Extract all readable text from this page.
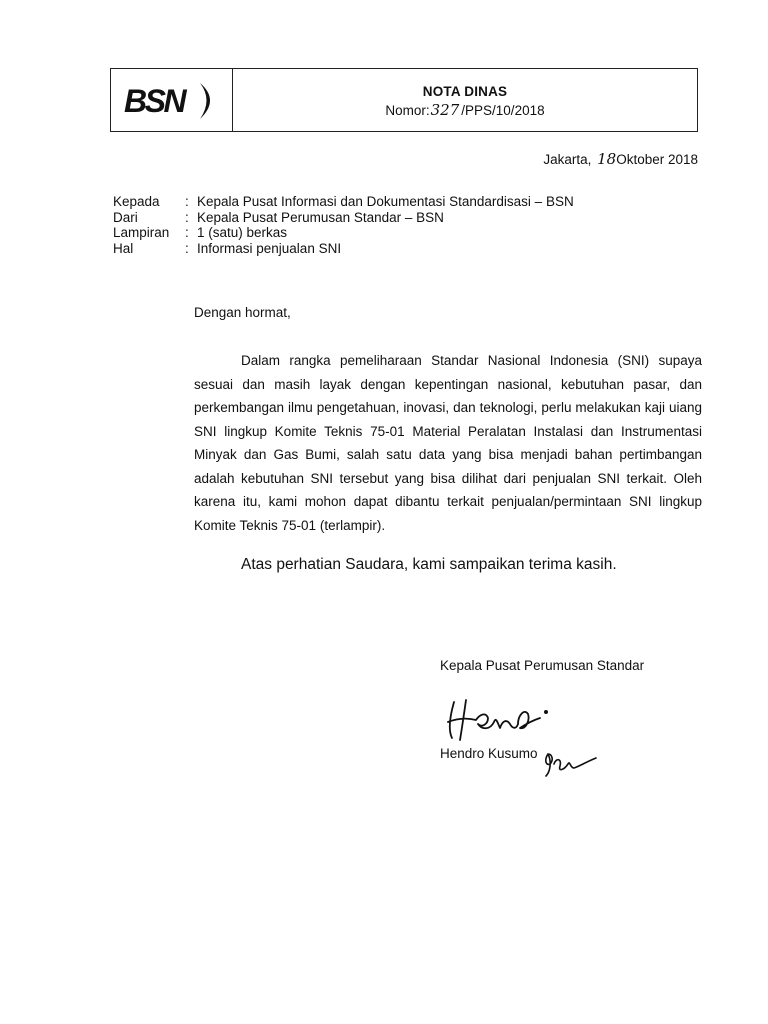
BSN	NOTA DINAS
Nomor: 327 /PPS/10/2018
Jakarta, 18 Oktober 2018
Kepada	: Kepala Pusat Informasi dan Dokumentasi Standardisasi – BSN
Dari	: Kepala Pusat Perumusan Standar – BSN
Lampiran	: 1 (satu) berkas
Hal	: Informasi penjualan SNI
Dengan hormat,

Dalam rangka pemeliharaan Standar Nasional Indonesia (SNI) supaya sesuai dan masih layak dengan kepentingan nasional, kebutuhan pasar, dan perkembangan ilmu pengetahuan, inovasi, dan teknologi, perlu melakukan kaji uiang SNI lingkup Komite Teknis 75-01 Material Peralatan Instalasi dan Instrumentasi Minyak dan Gas Bumi, salah satu data yang bisa menjadi bahan pertimbangan adalah kebutuhan SNI tersebut yang bisa dilihat dari penjualan SNI terkait. Oleh karena itu, kami mohon dapat dibantu terkait penjualan/permintaan SNI lingkup Komite Teknis 75-01 (terlampir).

Atas perhatian Saudara, kami sampaikan terima kasih.
Kepala Pusat Perumusan Standar
Hendro Kusumo
